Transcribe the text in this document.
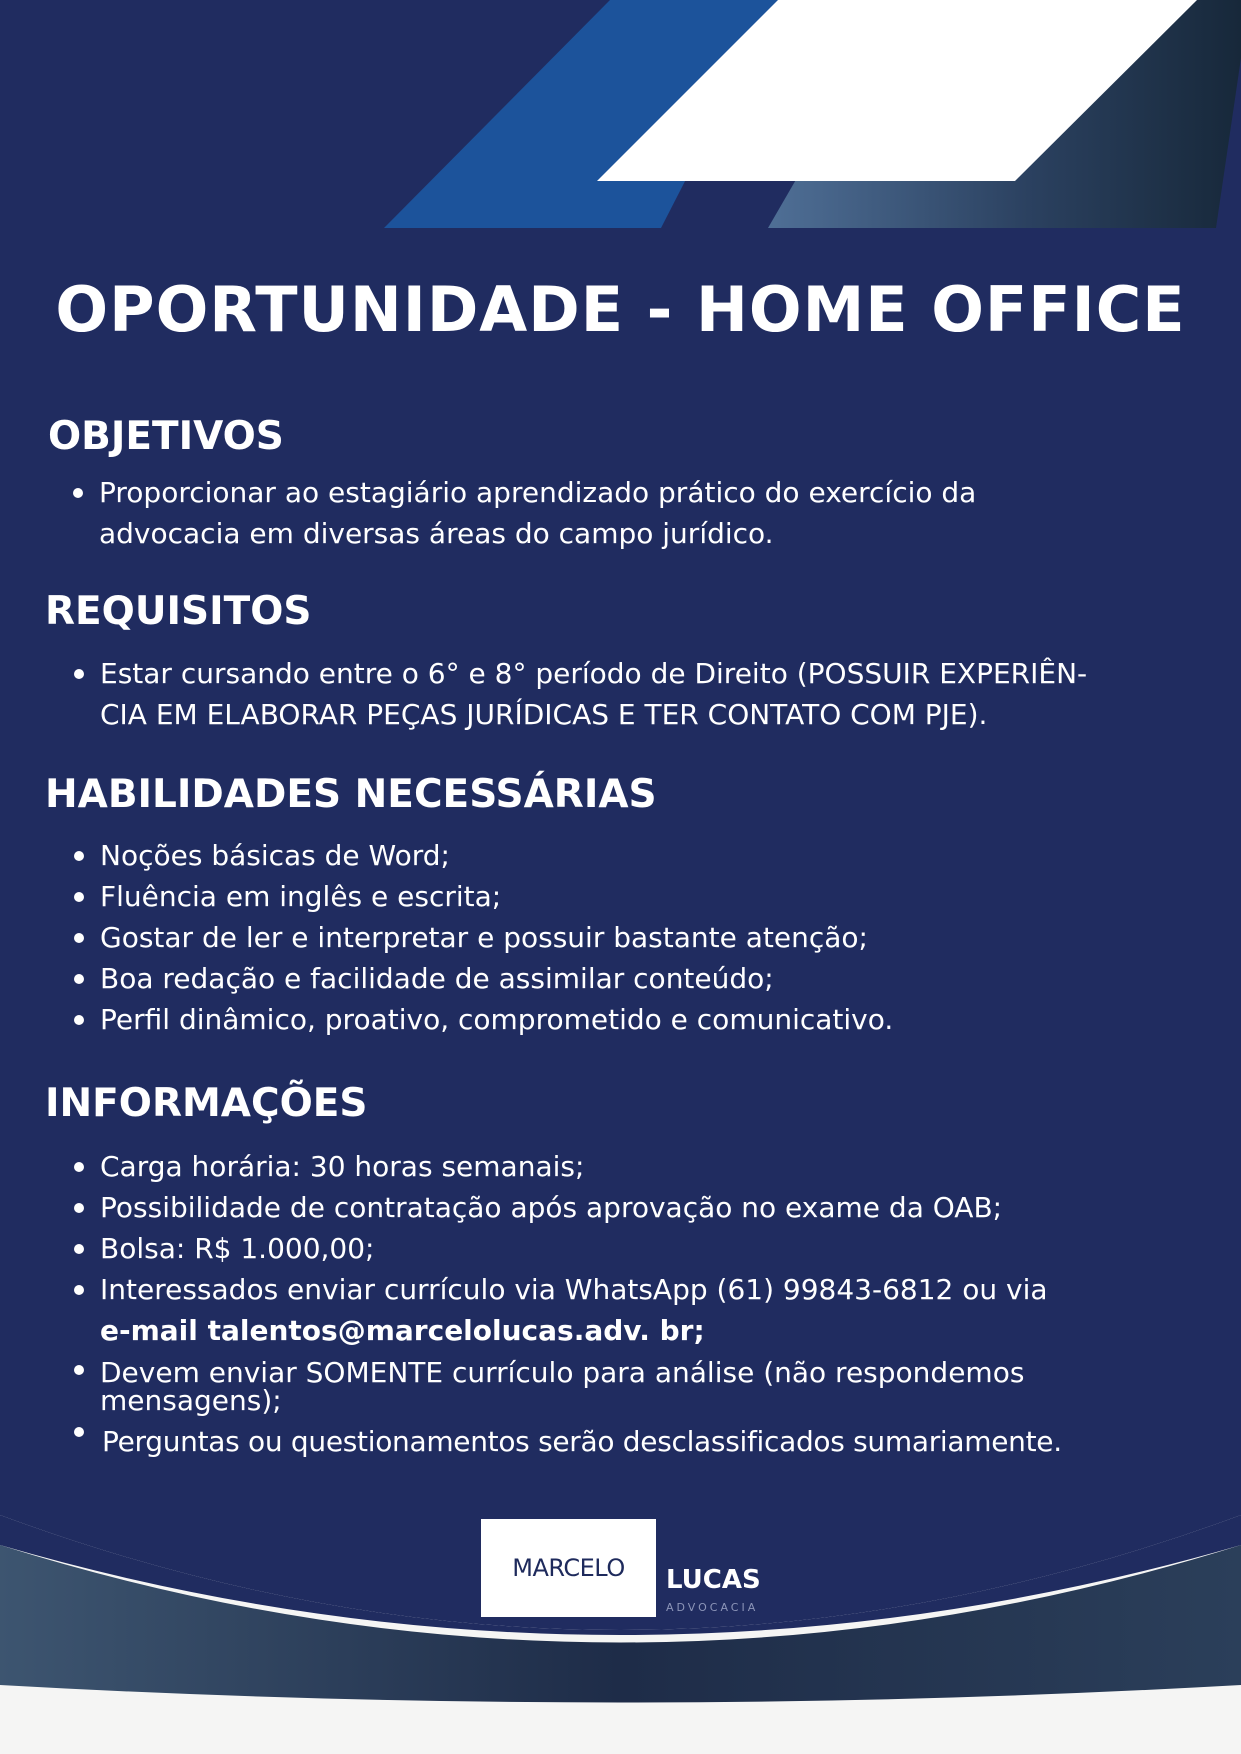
OPORTUNIDADE - HOME OFFICE
OBJETIVOS
Proporcionar ao estagiário aprendizado prático do exercício da
advocacia em diversas áreas do campo jurídico.
REQUISITOS
Estar cursando entre o 6° e 8° período de Direito (POSSUIR EXPERIÊN-
CIA EM ELABORAR PEÇAS JURÍDICAS E TER CONTATO COM PJE).
HABILIDADES NECESSÁRIAS
Noções básicas de Word;
Fluência em inglês e escrita;
Gostar de ler e interpretar e possuir bastante atenção;
Boa redação e facilidade de assimilar conteúdo;
Perfil dinâmico, proativo, comprometido e comunicativo.
INFORMAÇÕES
Carga horária: 30 horas semanais;
Possibilidade de contratação após aprovação no exame da OAB;
Bolsa: R$ 1.000,00;
Interessados enviar currículo via WhatsApp (61) 99843-6812 ou via
e-mail talentos@marcelolucas.adv. br;
Devem enviar SOMENTE currículo para análise (não respondemos
mensagens);
Perguntas ou questionamentos serão desclassificados sumariamente.
MARCELO LUCAS
ADVOCACIA
